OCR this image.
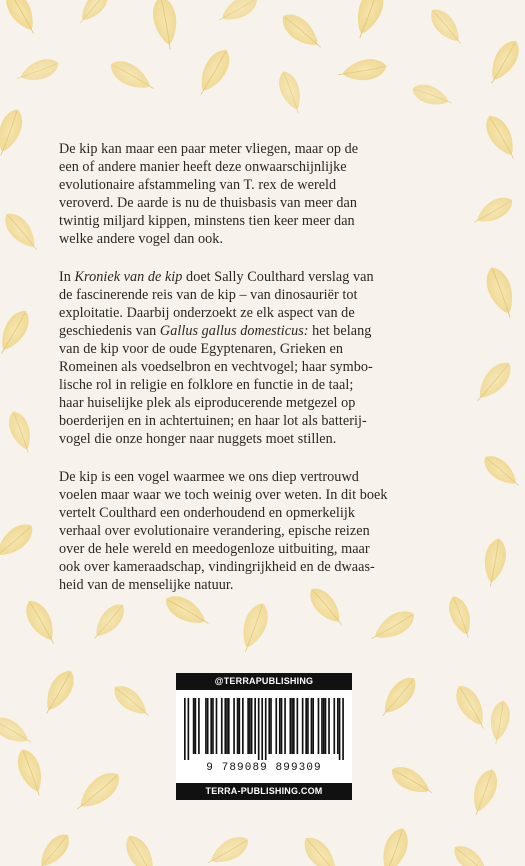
De kip kan maar een paar meter vliegen, maar op de
een of andere manier heeft deze onwaarschijnlijke
evolutionaire afstammeling van T. rex de wereld
veroverd. De aarde is nu de thuisbasis van meer dan
twintig miljard kippen, minstens tien keer meer dan
welke andere vogel dan ook.

In Kroniek van de kip doet Sally Coulthard verslag van
de fascinerende reis van de kip – van dinosauriër tot
exploitatie. Daarbij onderzoekt ze elk aspect van de
geschiedenis van Gallus gallus domesticus: het belang
van de kip voor de oude Egyptenaren, Grieken en
Romeinen als voedselbron en vechtvogel; haar symbo-
lische rol in religie en folklore en functie in de taal;
haar huiselijke plek als eiproducerende metgezel op
boerderijen en in achtertuinen; en haar lot als batterij-
vogel die onze honger naar nuggets moet stillen.

De kip is een vogel waarmee we ons diep vertrouwd
voelen maar waar we toch weinig over weten. In dit boek
vertelt Coulthard een onderhoudend en opmerkelijk
verhaal over evolutionaire verandering, epische reizen
over de hele wereld en meedogenloze uitbuiting, maar
ook over kameraadschap, vindingrijkheid en de dwaas-
heid van de menselijke natuur.

@TERRAPUBLISHING
9 789089 899309
TERRA-PUBLISHING.COM
